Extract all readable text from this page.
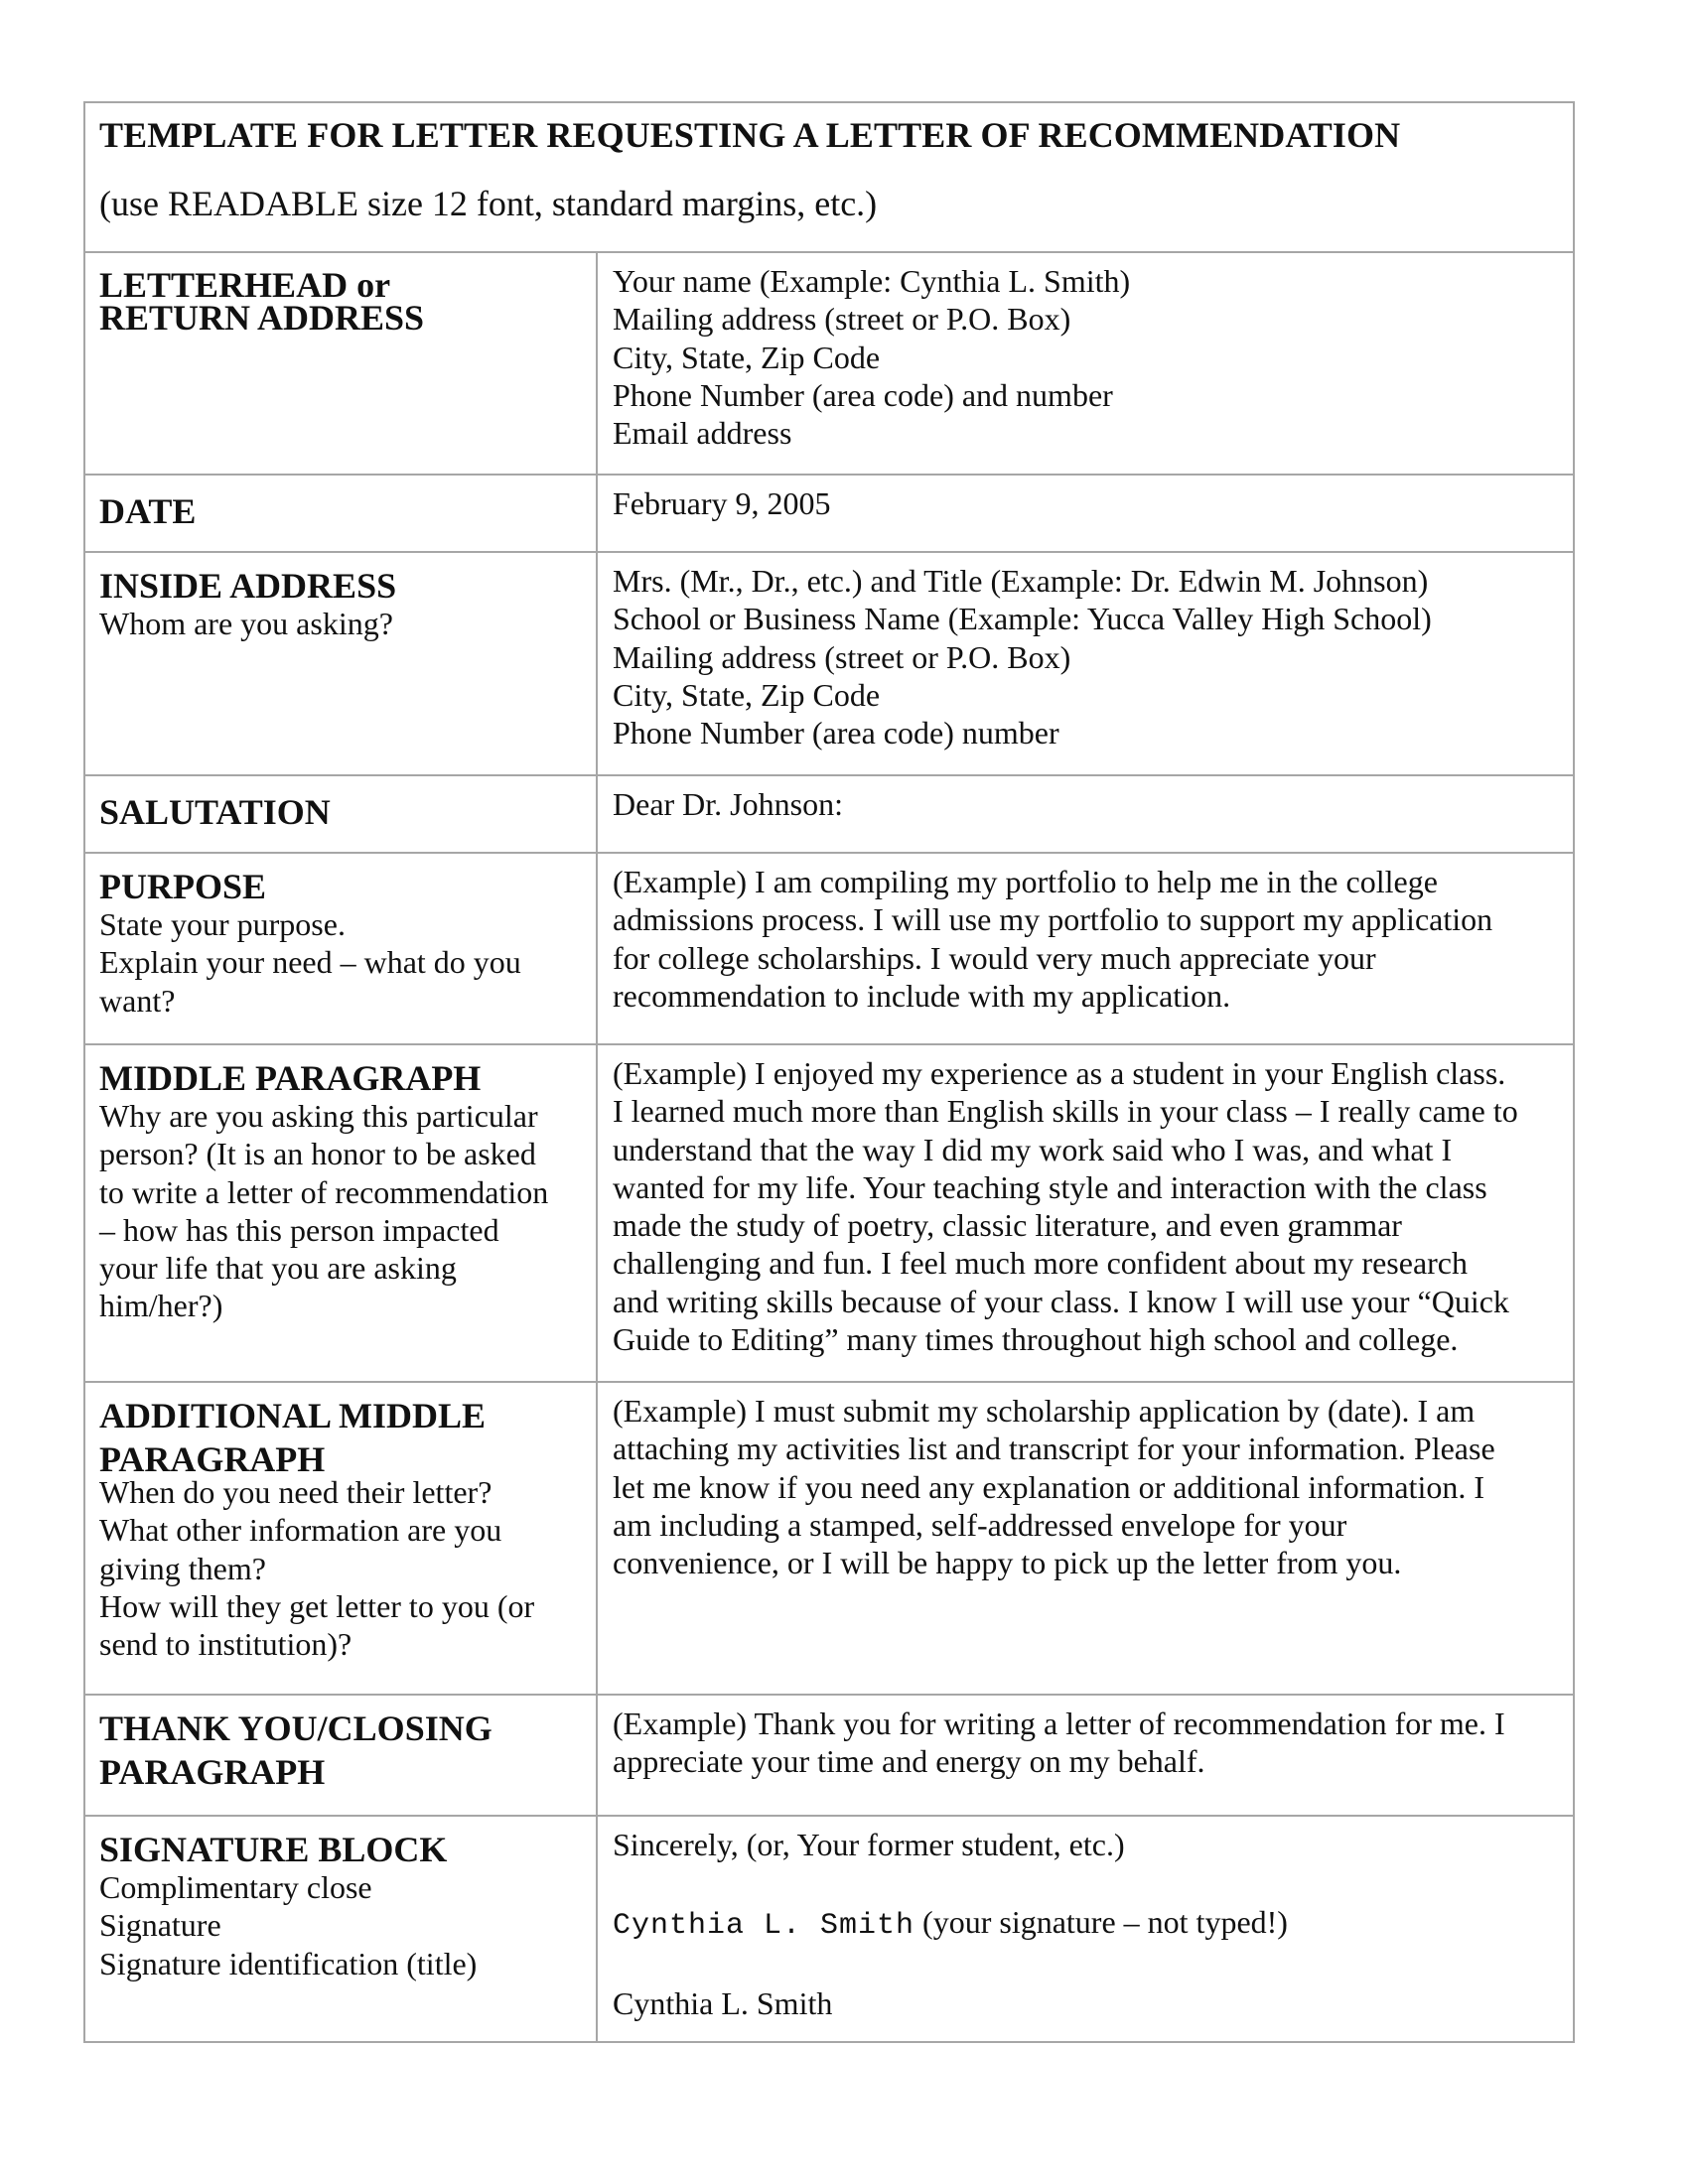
TEMPLATE FOR LETTER REQUESTING A LETTER OF RECOMMENDATION
(use READABLE size 12 font, standard margins, etc.)
LETTERHEAD or
RETURN ADDRESS
Your name (Example: Cynthia L. Smith)
Mailing address (street or P.O. Box)
City, State, Zip Code
Phone Number (area code) and number
Email address
DATE	February 9, 2005
INSIDE ADDRESS
Whom are you asking?
Mrs. (Mr., Dr., etc.) and Title (Example: Dr. Edwin M. Johnson)
School or Business Name (Example: Yucca Valley High School)
Mailing address (street or P.O. Box)
City, State, Zip Code
Phone Number (area code) number
SALUTATION	Dear Dr. Johnson:
PURPOSE
State your purpose.
Explain your need – what do you
want?
(Example) I am compiling my portfolio to help me in the college
admissions process. I will use my portfolio to support my application
for college scholarships. I would very much appreciate your
recommendation to include with my application.
MIDDLE PARAGRAPH
Why are you asking this particular
person? (It is an honor to be asked
to write a letter of recommendation
– how has this person impacted
your life that you are asking
him/her?)
(Example) I enjoyed my experience as a student in your English class.
I learned much more than English skills in your class – I really came to
understand that the way I did my work said who I was, and what I
wanted for my life. Your teaching style and interaction with the class
made the study of poetry, classic literature, and even grammar
challenging and fun. I feel much more confident about my research
and writing skills because of your class. I know I will use your “Quick
Guide to Editing” many times throughout high school and college.
ADDITIONAL MIDDLE
PARAGRAPH
When do you need their letter?
What other information are you
giving them?
How will they get letter to you (or
send to institution)?
(Example) I must submit my scholarship application by (date). I am
attaching my activities list and transcript for your information. Please
let me know if you need any explanation or additional information. I
am including a stamped, self-addressed envelope for your
convenience, or I will be happy to pick up the letter from you.
THANK YOU/CLOSING
PARAGRAPH
(Example) Thank you for writing a letter of recommendation for me. I
appreciate your time and energy on my behalf.
SIGNATURE BLOCK
Complimentary close
Signature
Signature identification (title)
Sincerely, (or, Your former student, etc.)
Cynthia L. Smith (your signature – not typed!)
Cynthia L. Smith
